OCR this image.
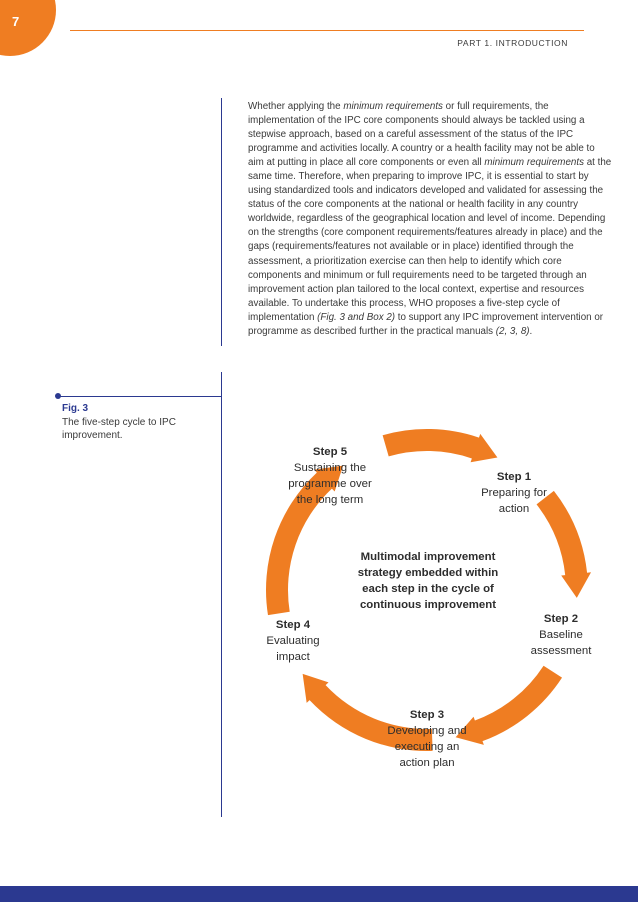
7
PART 1. INTRODUCTION

Whether applying the minimum requirements or full requirements, the implementation of the IPC core components should always be tackled using a stepwise approach, based on a careful assessment of the status of the IPC programme and activities locally. A country or a health facility may not be able to aim at putting in place all core components or even all minimum requirements at the same time. Therefore, when preparing to improve IPC, it is essential to start by using standardized tools and indicators developed and validated for assessing the status of the core components at the national or health facility in any country worldwide, regardless of the geographical location and level of income. Depending on the strengths (core component requirements/features already in place) and the gaps (requirements/features not available or in place) identified through the assessment, a prioritization exercise can then help to identify which core components and minimum or full requirements need to be targeted through an improvement action plan tailored to the local context, expertise and resources available. To undertake this process, WHO proposes a five-step cycle of implementation (Fig. 3 and Box 2) to support any IPC improvement intervention or programme as described further in the practical manuals (2, 3, 8).

Fig. 3
The five-step cycle to IPC improvement.
Step 5
Sustaining the programme over the long term
Step 1
Preparing for action
Step 2
Baseline assessment
Step 3
Developing and executing an action plan
Step 4
Evaluating impact
Multimodal improvement strategy embedded within each step in the cycle of continuous improvement
